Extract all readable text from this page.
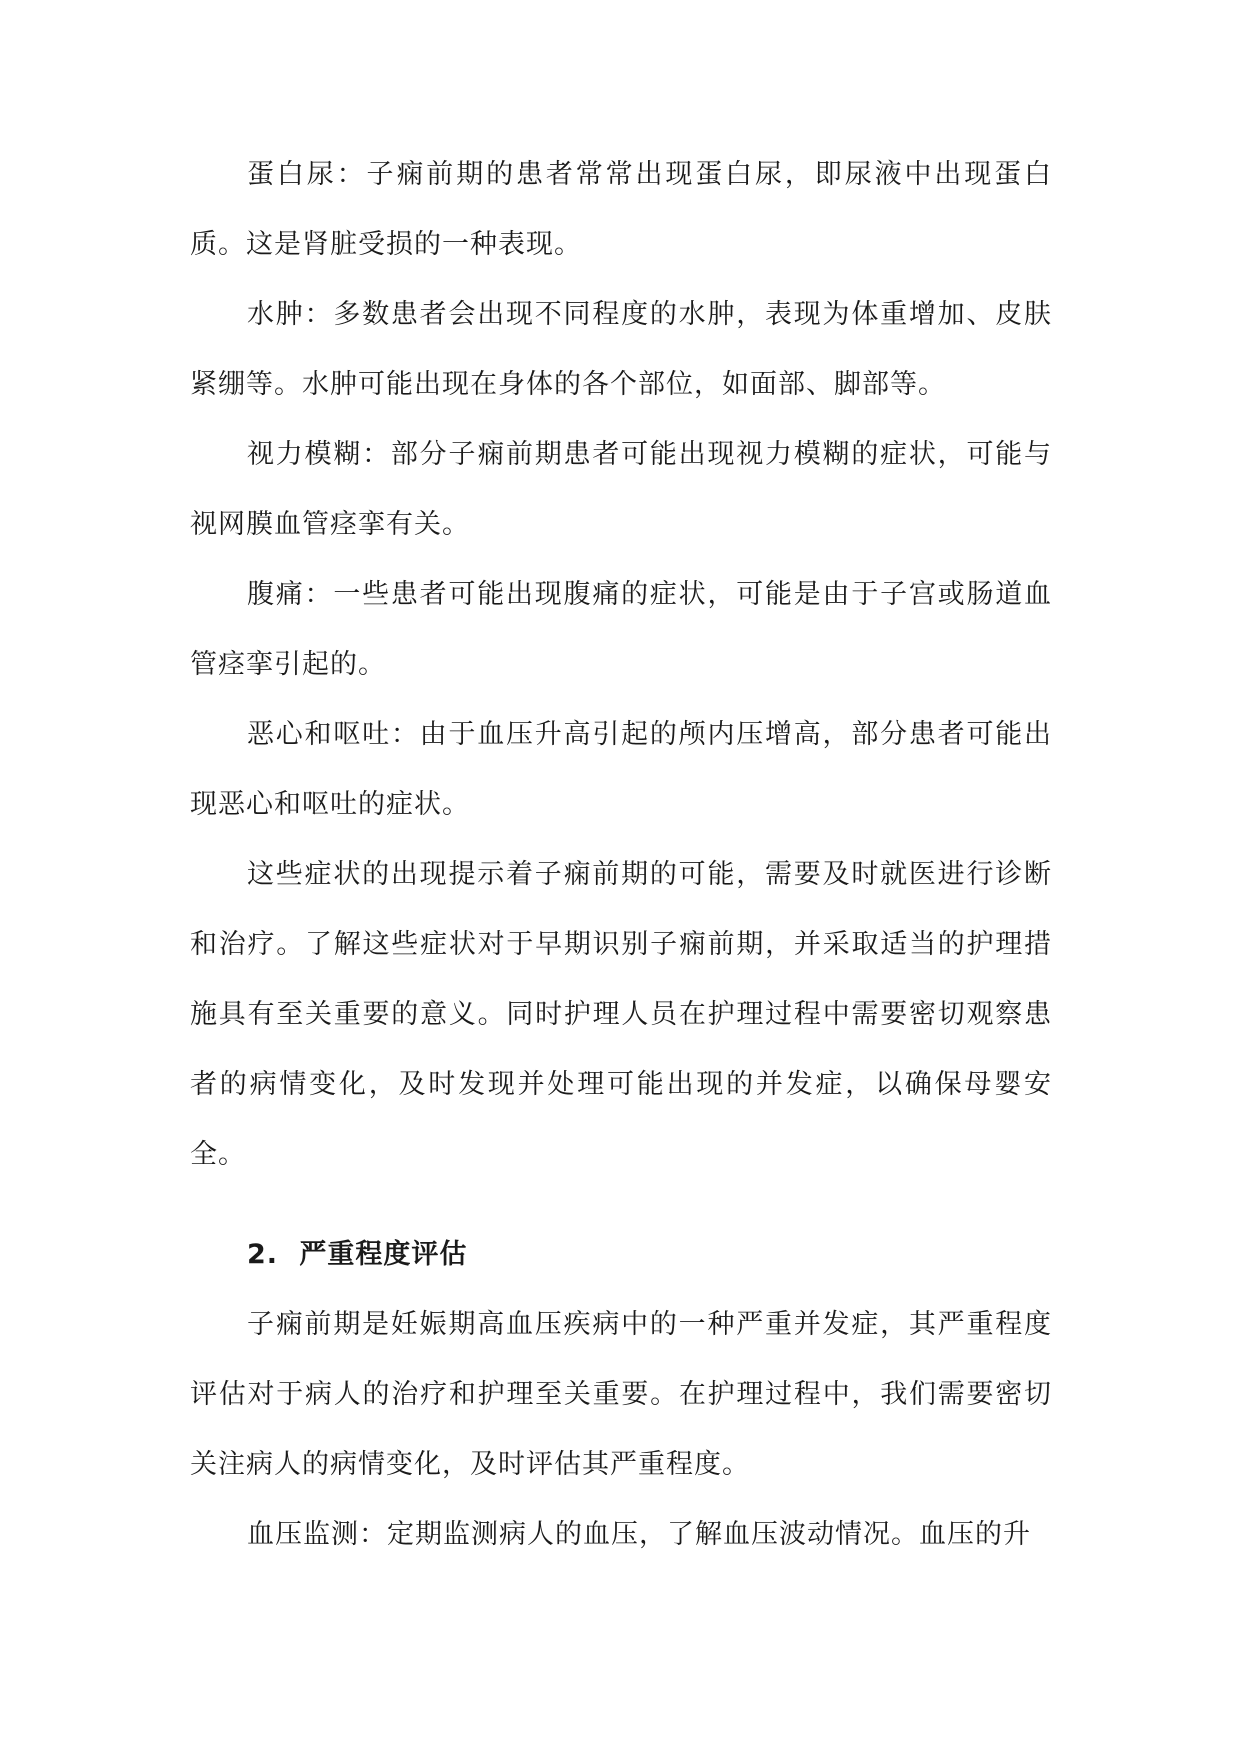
蛋白尿：子痫前期的患者常常出现蛋白尿，即尿液中出现蛋白质。这是肾脏受损的一种表现。

水肿：多数患者会出现不同程度的水肿，表现为体重增加、皮肤紧绷等。水肿可能出现在身体的各个部位，如面部、脚部等。

视力模糊：部分子痫前期患者可能出现视力模糊的症状，可能与视网膜血管痉挛有关。

腹痛：一些患者可能出现腹痛的症状，可能是由于子宫或肠道血管痉挛引起的。

恶心和呕吐：由于血压升高引起的颅内压增高，部分患者可能出现恶心和呕吐的症状。

这些症状的出现提示着子痫前期的可能，需要及时就医进行诊断和治疗。了解这些症状对于早期识别子痫前期，并采取适当的护理措施具有至关重要的意义。同时护理人员在护理过程中需要密切观察患者的病情变化，及时发现并处理可能出现的并发症，以确保母婴安全。

2. 严重程度评估

子痫前期是妊娠期高血压疾病中的一种严重并发症，其严重程度评估对于病人的治疗和护理至关重要。在护理过程中，我们需要密切关注病人的病情变化，及时评估其严重程度。

血压监测：定期监测病人的血压，了解血压波动情况。血压的升
